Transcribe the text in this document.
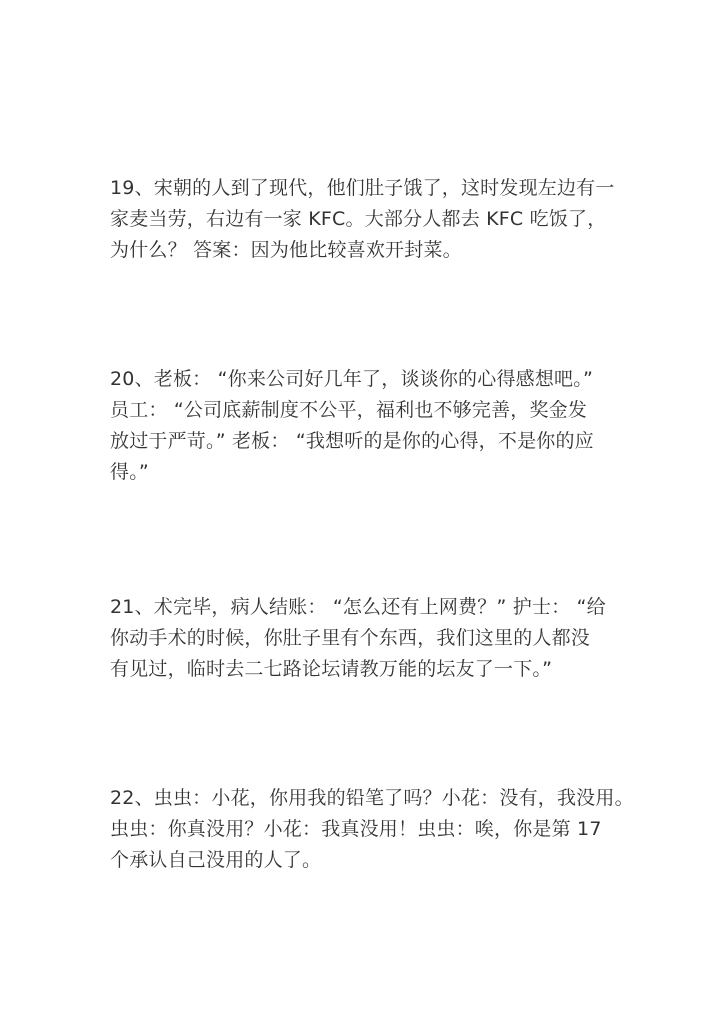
19、宋朝的人到了现代，他们肚子饿了，这时发现左边有一
家麦当劳，右边有一家 KFC。大部分人都去 KFC 吃饭了，
为什么？ 答案：因为他比较喜欢开封菜。
20、老板： “你来公司好几年了，谈谈你的心得感想吧。”
员工： “公司底薪制度不公平，福利也不够完善，奖金发
放过于严苛。” 老板： “我想听的是你的心得，不是你的应
得。”
21、术完毕，病人结账： “怎么还有上网费？” 护士： “给
你动手术的时候，你肚子里有个东西，我们这里的人都没
有见过，临时去二七路论坛请教万能的坛友了一下。”
22、虫虫：小花，你用我的铅笔了吗？小花：没有，我没用。
虫虫：你真没用？小花：我真没用！虫虫：唉，你是第 17
个承认自己没用的人了。
